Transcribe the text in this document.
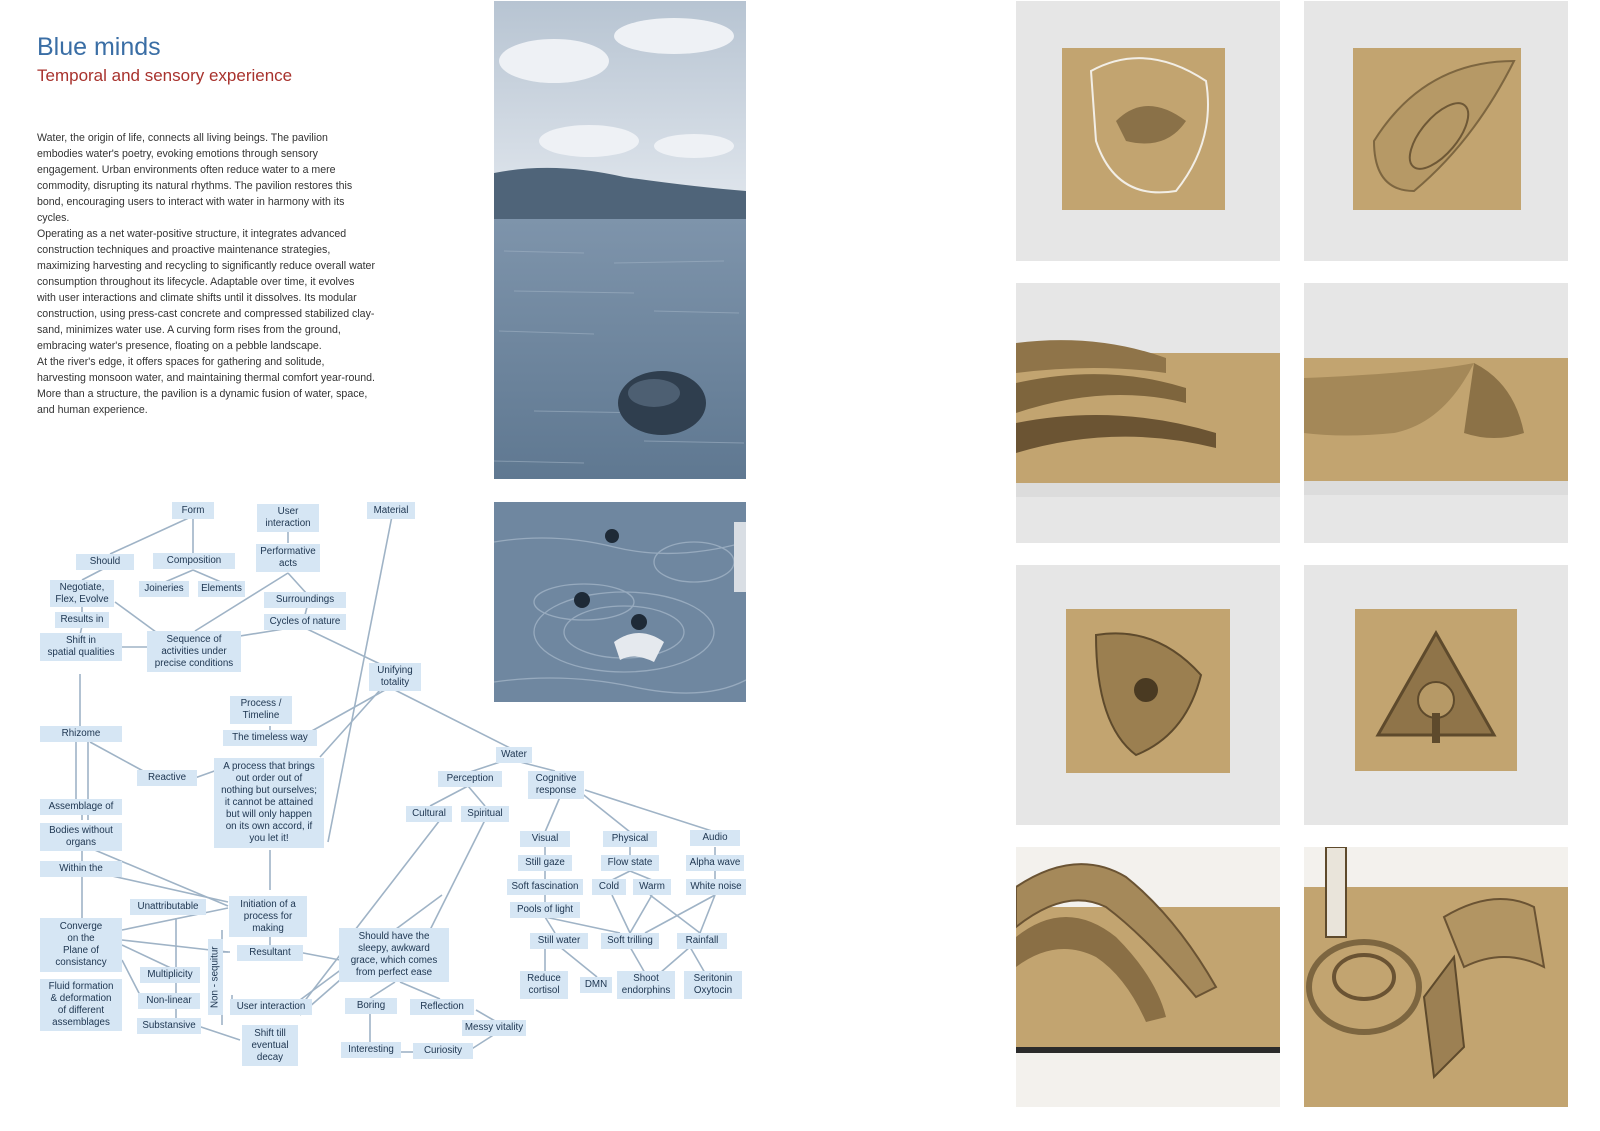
Blue minds
Temporal and sensory experience

Water, the origin of life, connects all living beings. The pavilion embodies water's poetry, evoking emotions through sensory engagement. Urban environments often reduce water to a mere commodity, disrupting its natural rhythms. The pavilion restores this bond, encouraging users to interact with water in harmony with its cycles.

Operating as a net water-positive structure, it integrates advanced construction techniques and proactive maintenance strategies, maximizing harvesting and recycling to significantly reduce overall water consumption throughout its lifecycle. Adaptable over time, it evolves with user interactions and climate shifts until it dissolves. Its modular construction, using press-cast concrete and compressed stabilized clay-sand, minimizes water use. A curving form rises from the ground, embracing water's presence, floating on a pebble landscape.

At the river's edge, it offers spaces for gathering and solitude, harvesting monsoon water, and maintaining thermal comfort year-round. More than a structure, the pavilion is a dynamic fusion of water, space, and human experience.

Form	User
interaction
Material
Should	Composition
Performative
acts
Negotiate,
Flex, Evolve
Joineries	Elements
Surroundings
Results in	Cycles of nature
Shift in
spatial qualities
Sequence of
activities under
precise conditions
Unifying
totality
Process /
Timeline
Rhizome	The timeless way
Water
Reactive
A process that brings
out order out of
nothing but ourselves;
it cannot be attained
but will only happen
on its own accord, if
you let it!
Perception	Cognitive
response
Assemblage of
Cultural	Spiritual
Bodies without
organs	Visual	Physical	Audio
Within the
Still gaze	Flow state	Alpha wave
Soft fascination	Cold	Warm	White noise
Unattributable	Initiation of a
process for
making
Pools of light
Converge
on the
Plane of
consistancy
Still water	Soft trilling	Rainfall
Should have the
sleepy, awkward
grace, which comes
from perfect ease
Resultant
Non - sequitur
Multiplicity	Reduce
cortisol
DMN
Shoot
endorphins
Seritonin
Oxytocin
Fluid formation
& deformation
of different
assemblages
Non-linear
User interaction	Boring	Reflection
Substansive	Messy vitality
Shift till
eventual
decay
Interesting	Curiosity
